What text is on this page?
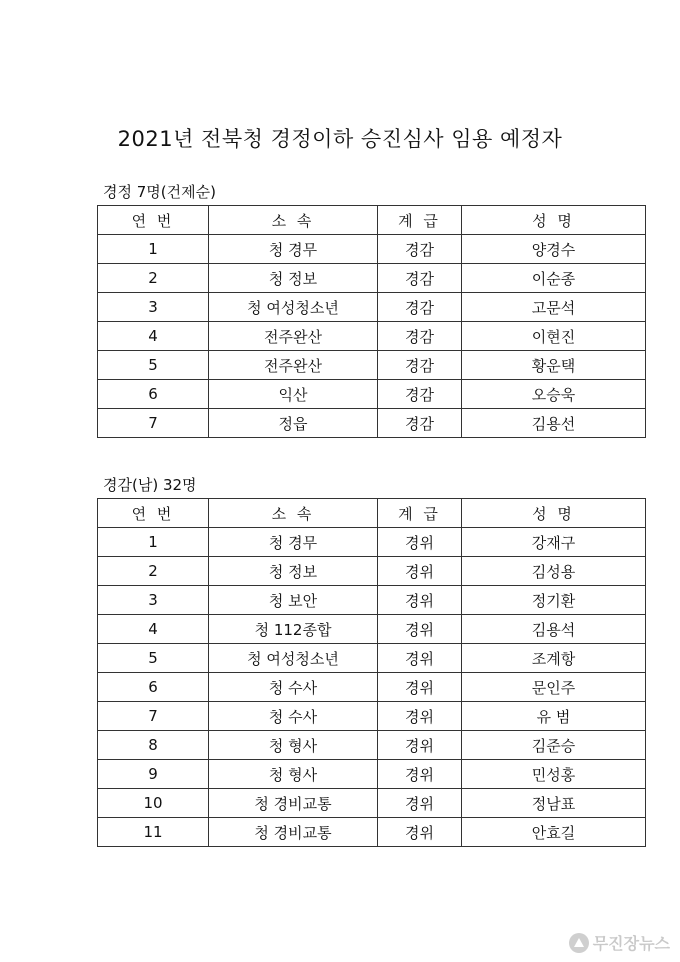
2021년 전북청 경정이하 승진심사 임용 예정자
경정 7명(건제순)
연 번	소 속	계 급	성 명
1	청 경무	경감	양경수
2	청 정보	경감	이순종
3	청 여성청소년	경감	고문석
4	전주완산	경감	이현진
5	전주완산	경감	황운택
6	익산	경감	오승욱
7	정읍	경감	김용선
경감(남) 32명
연 번	소 속	계 급	성 명
1	청 경무	경위	강재구
2	청 정보	경위	김성용
3	청 보안	경위	정기환
4	청 112종합	경위	김용석
5	청 여성청소년	경위	조계항
6	청 수사	경위	문인주
7	청 수사	경위	유 범
8	청 형사	경위	김준승
9	청 형사	경위	민성홍
10	청 경비교통	경위	정남표
11	청 경비교통	경위	안효길
무진장뉴스
